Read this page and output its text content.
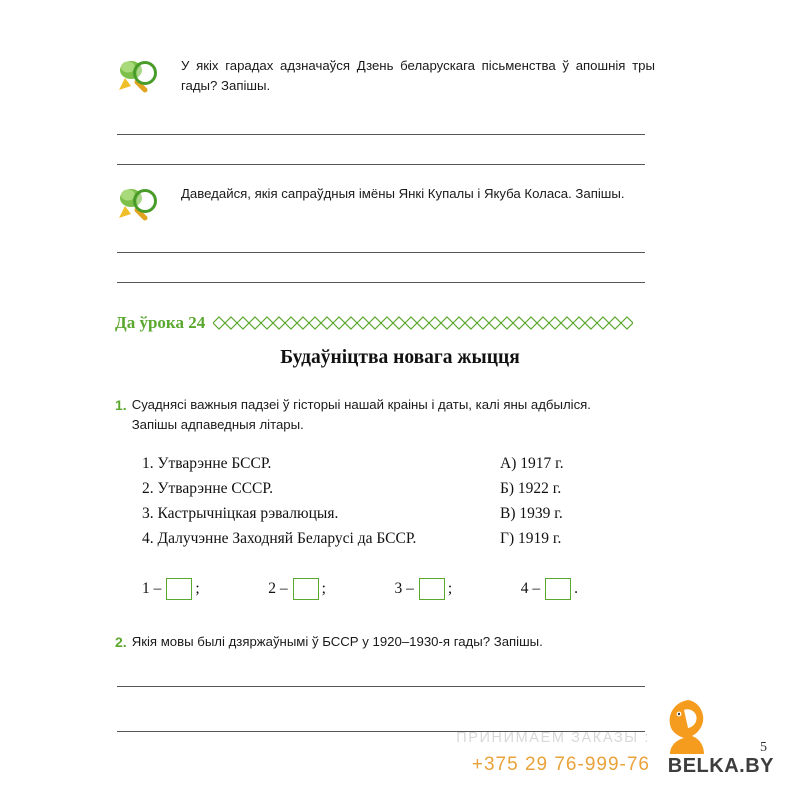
У якіх гарадах адзначаўся Дзень беларускага пісьменства ў апошнія тры гады? Запішы.
Даведайся, якія сапраўдныя імёны Янкі Купалы і Якуба Коласа. Запішы.
Да ўрока 24
Будаўніцтва новага жыцця
1. Суаднясі важныя падзеі ў гісторыі нашай краіны і даты, калі яны адбыліся.
Запішы адпаведныя літары.
1. Утварэнне БССР.	А) 1917 г.
2. Утварэнне СССР.	Б) 1922 г.
3. Кастрычніцкая рэвалюцыя.	В) 1939 г.
4. Далучэнне Заходняй Беларусі да БССР.	Г) 1919 г.
1 – ;	2 – ;	3 – ;	4 – .
2. Якія мовы былі дзяржаўнымі ў БССР у 1920–1930-я гады? Запішы.
ПРИНИМАЕМ ЗАКАЗЫ :
+375 29 76-999-76 BELKA.BY
5
